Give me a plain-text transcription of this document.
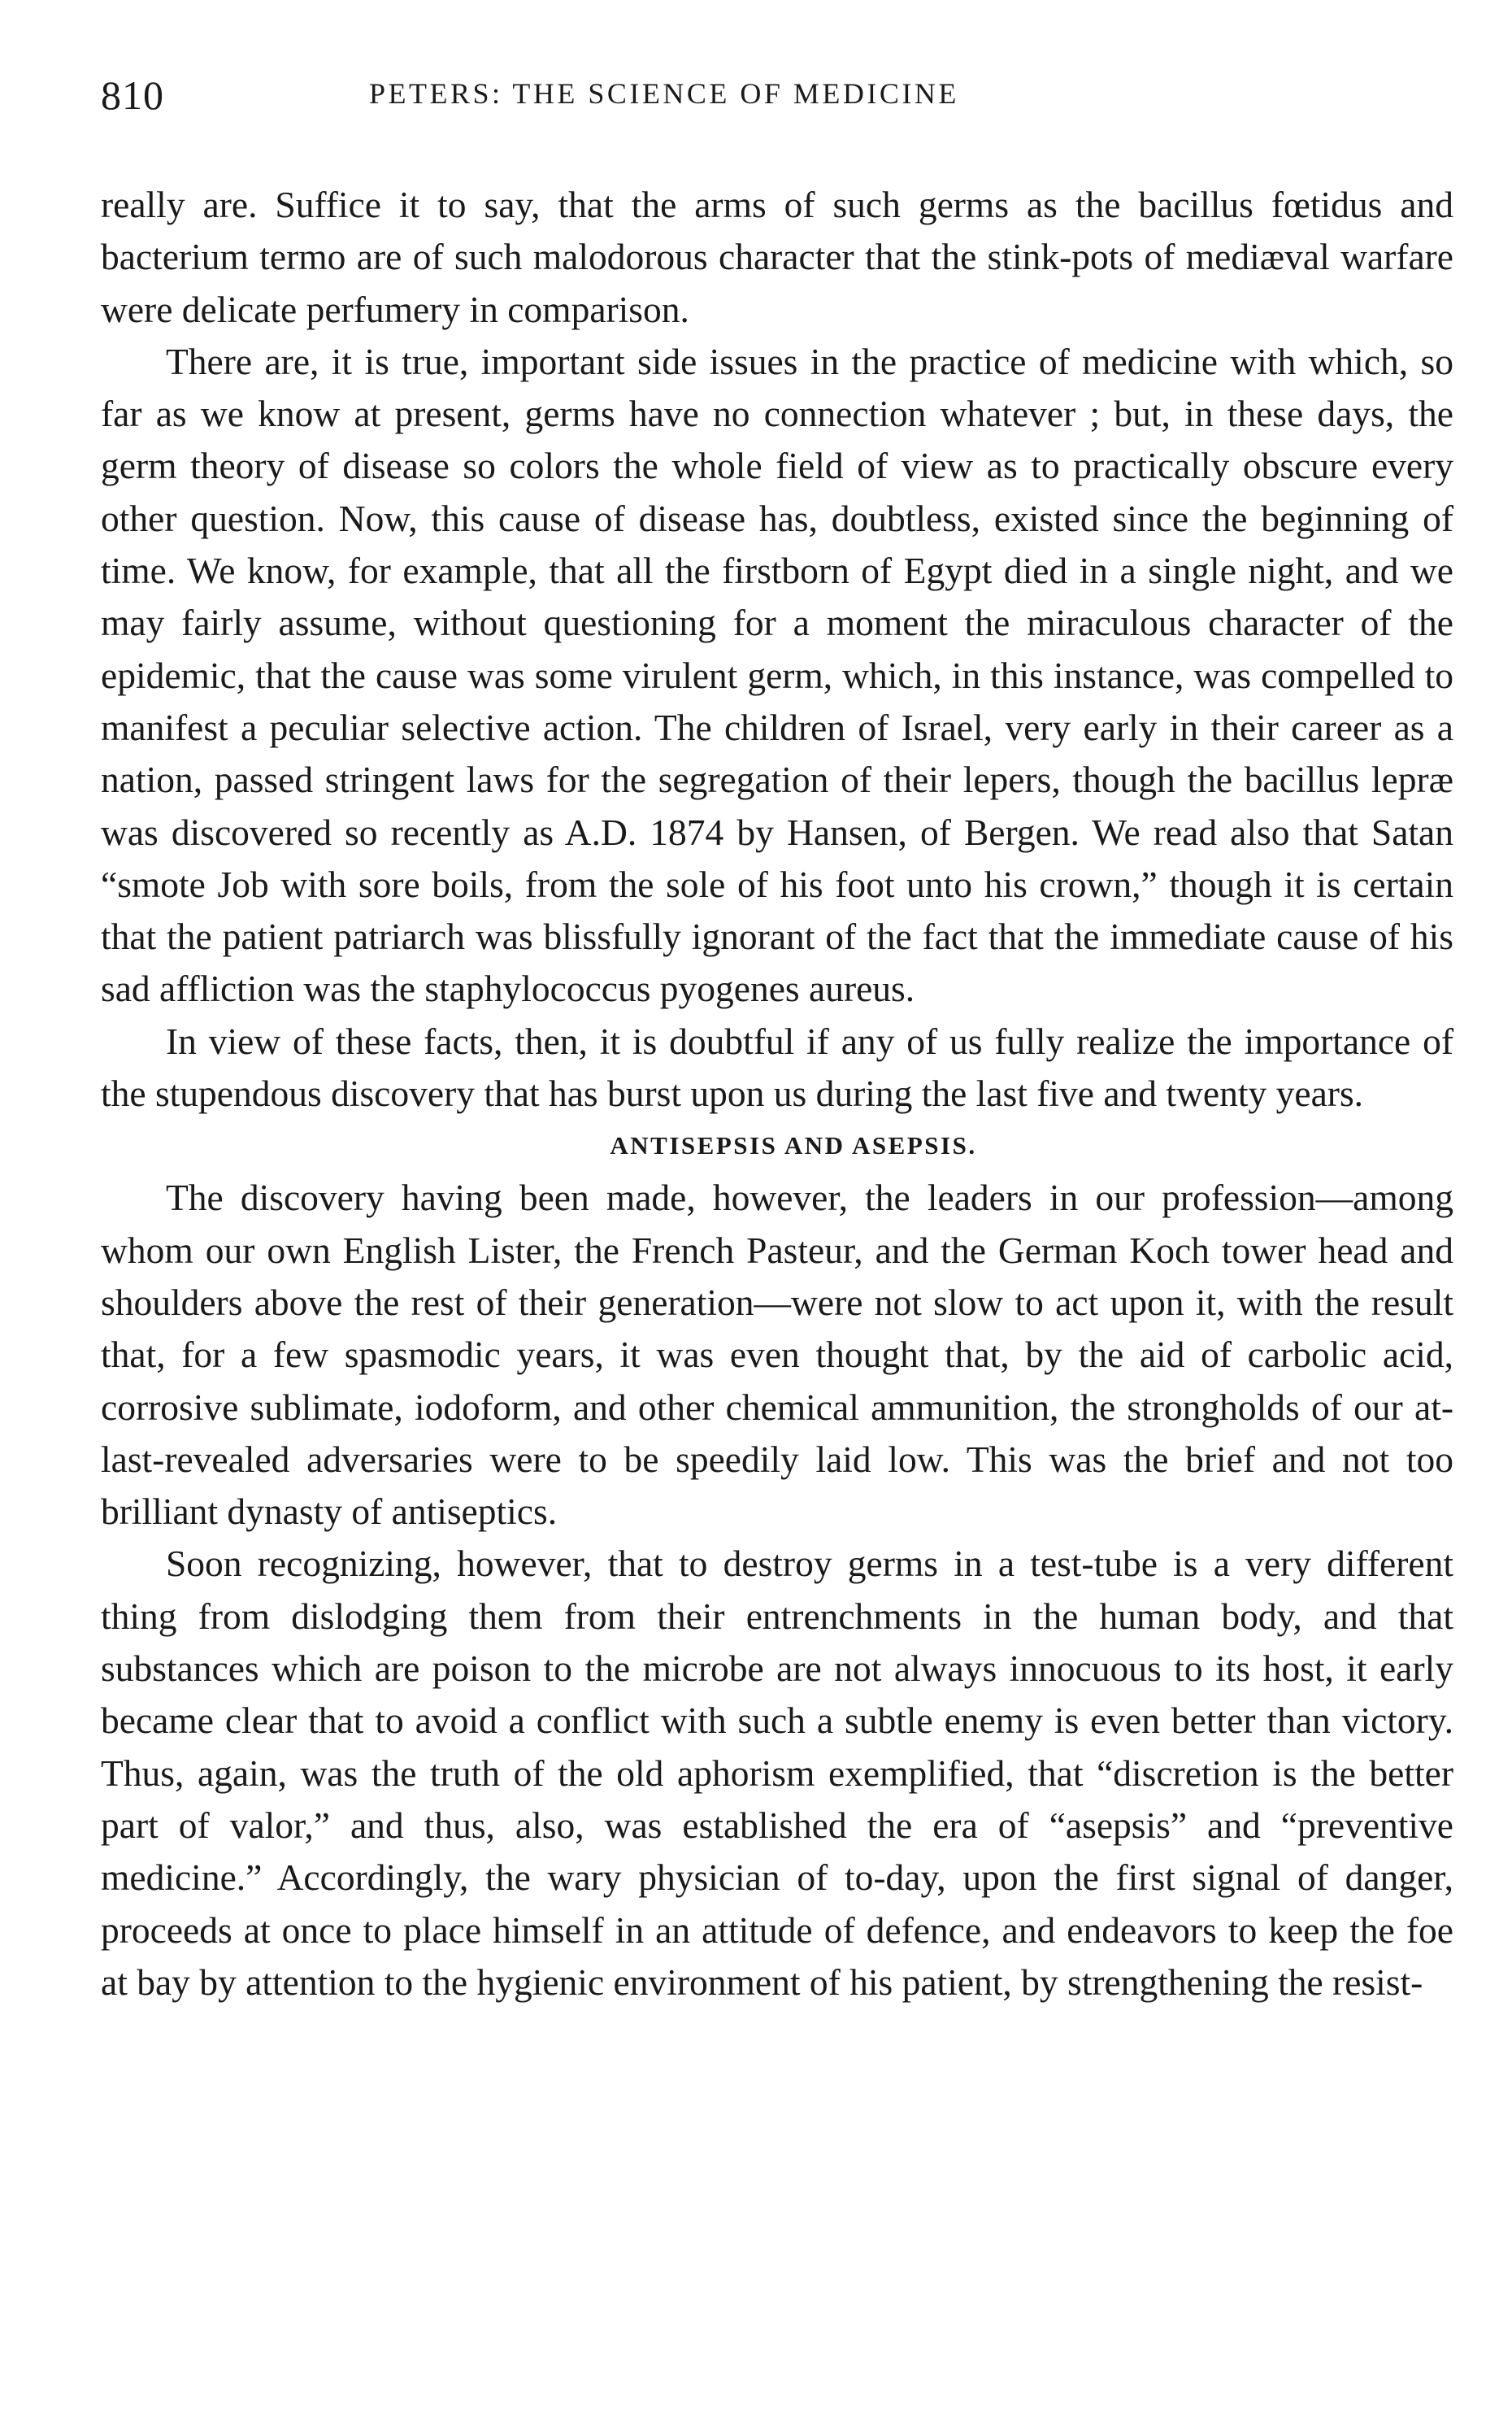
810	PETERS: THE SCIENCE OF MEDICINE

really are. Suffice it to say, that the arms of such germs as the bacillus fœtidus and bacterium termo are of such malodorous character that the stink-pots of mediæval warfare were delicate perfumery in comparison.

There are, it is true, important side issues in the practice of medicine with which, so far as we know at present, germs have no connection whatever ; but, in these days, the germ theory of disease so colors the whole field of view as to practically obscure every other question. Now, this cause of disease has, doubtless, existed since the beginning of time. We know, for example, that all the firstborn of Egypt died in a single night, and we may fairly assume, without questioning for a moment the miraculous character of the epidemic, that the cause was some virulent germ, which, in this instance, was compelled to manifest a peculiar selective action. The children of Israel, very early in their career as a nation, passed stringent laws for the segregation of their lepers, though the bacillus lepræ was discovered so recently as A.D. 1874 by Hansen, of Bergen. We read also that Satan “smote Job with sore boils, from the sole of his foot unto his crown,” though it is certain that the patient patriarch was blissfully ignorant of the fact that the immediate cause of his sad affliction was the staphylococcus pyogenes aureus.

In view of these facts, then, it is doubtful if any of us fully realize the importance of the stupendous discovery that has burst upon us during the last five and twenty years.

ANTISEPSIS AND ASEPSIS.

The discovery having been made, however, the leaders in our profession—among whom our own English Lister, the French Pasteur, and the German Koch tower head and shoulders above the rest of their generation—were not slow to act upon it, with the result that, for a few spasmodic years, it was even thought that, by the aid of carbolic acid, corrosive sublimate, iodoform, and other chemical ammunition, the strongholds of our at-last-revealed adversaries were to be speedily laid low. This was the brief and not too brilliant dynasty of antiseptics.

Soon recognizing, however, that to destroy germs in a test-tube is a very different thing from dislodging them from their entrenchments in the human body, and that substances which are poison to the microbe are not always innocuous to its host, it early became clear that to avoid a conflict with such a subtle enemy is even better than victory. Thus, again, was the truth of the old aphorism exemplified, that “discretion is the better part of valor,” and thus, also, was established the era of “asepsis” and “preventive medicine.” Accordingly, the wary physician of to-day, upon the first signal of danger, proceeds at once to place himself in an attitude of defence, and endeavors to keep the foe at bay by attention to the hygienic environment of his patient, by strengthening the resist-
